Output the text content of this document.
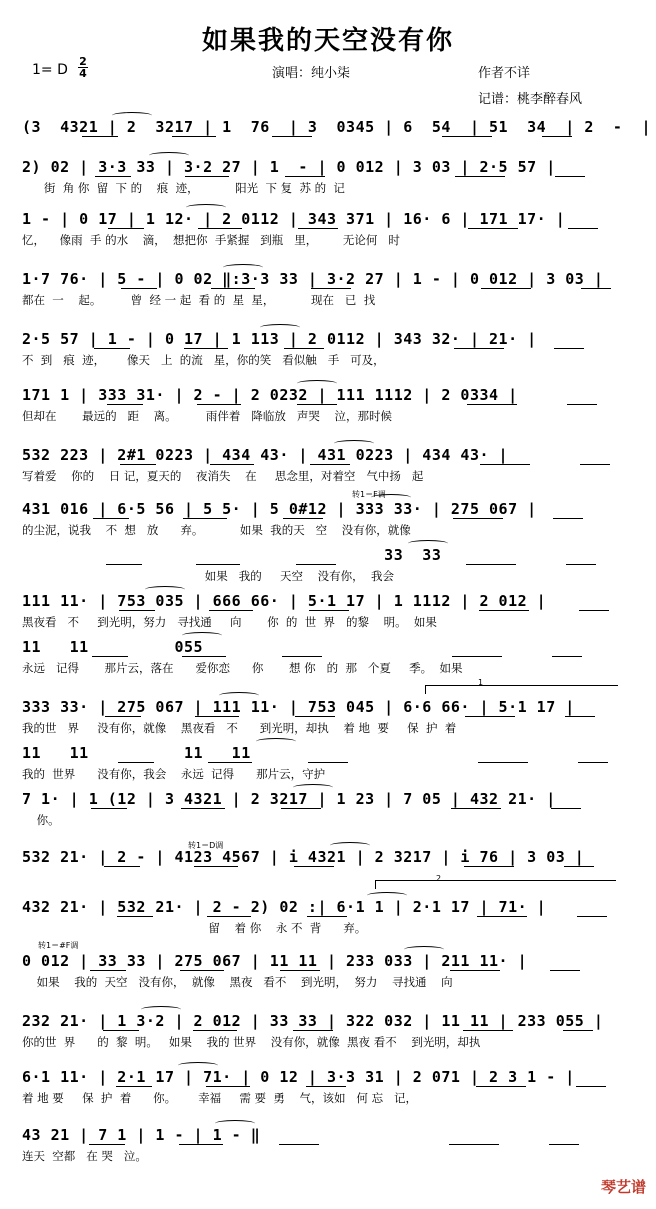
如果我的天空没有你
1= D
2
4	演唱：纯小柒	作者不详
记谱：桃李醉春风
(3  4321 | 2  3217 | 1  76  | 3  0345 | 6  54  | 51  34  | 2  -  |
2) 02 | 3·3 33 | 3·2 27 | 1  - | 0 012 | 3 03 | 2·5 57 |
街  角 你  留  下 的    痕  迹，          阳光  下 复  苏 的  记
1 - | 0 17 | 1 12· | 2 0112 | 343 371 | 16· 6 | 171 17· |
忆，    像雨  手 的水    滴，  想把你  手紧握   到瓶   里，       无论何   时
1·7 76· | 5 - | 0 02 ‖:3·3 33 | 3·2 27 | 1 - | 0 012 | 3 03 |
都在  一    起。        曾  经 一 起  看 的  星  星，          现在   已  找
2·5 57 | 1 - | 0 17 | 1 113 | 2 0112 | 343 32· | 21· |
不  到   痕  迹，      像天   上  的流   星，你的笑   看似触   手   可及，
171 1 | 333 31· | 2 - | 2 0232 | 111 1112 | 2 0334 |
但却在       最远的   距    离。        雨伴着   降临放   声哭    泣，那时候
532 223 | 2#1 0223 | 434 43· | 431 0223 | 434 43· |
写着爱    你的    日 记，夏天的    夜消失    在     思念里，对着空   气中扬   起
431 016 | 6·5 56 | 5 5· | 5 0#12 | 333 33· | 275 067 |
的尘泥，说我    不  想   放      弃。          如果  我的天   空    没有你，就像
33  33
如果   我的     天空    没有你，  我会
111 11· | 753 035 | 666 66· | 5·1 17 | 1 1112 | 2 012 |
黑夜看   不     到光明，努力   寻找通     向       你  的  世  界   的黎    明。  如果
11   11         055
永远   记得       那片云，落在      爱你恋      你       想 你   的  那   个夏     季。  如果
333 33· | 275 067 | 111 11· | 753 045 | 6·6 66· | 5·1 17 |
我的世   界     没有你，就像    黑夜看   不      到光明，却执    着 地  要     保  护  着
11   11          11   11
我的  世界      没有你，我会    永远  记得      那片云，守护
7 1· | 1 (12 | 3 4321 | 2 3217 | 1 23 | 7 05 | 432 21· |
你。
532 21· | 2 - | 4123 4567 | i 4321 | 2 3217 | i 76 | 3 03 |
432 21· | 532 21· | 2 - 2) 02 :| 6·1 1 | 2·1 17 | 71· |
留    着 你    永 不  背      弃。
0 012 | 33 33 | 275 067 | 11 11 | 233 033 | 211 11· |
如果    我的  天空   没有你，  就像    黑夜   看不    到光明，  努力    寻找通    向
232 21· | 1 3·2 | 2 012 | 33 33 | 322 032 | 11 11 | 233 055 |
你的世  界      的  黎  明。   如果    我的 世界    没有你，就像  黑夜 看不    到光明，却执
6·1 11· | 2·1 17 | 71· | 0 12 | 3·3 31 | 2 071 | 2 3 1 - |
着 地 要     保  护  着      你。      幸福     需 要  勇    气，该如   何 忘   记，
43 21 | 7 1 | 1 - | 1 - ‖
连天  空都   在 哭   泣。
转1＝F调
转1＝D调
转1＝#F调
1
2
琴艺谱
